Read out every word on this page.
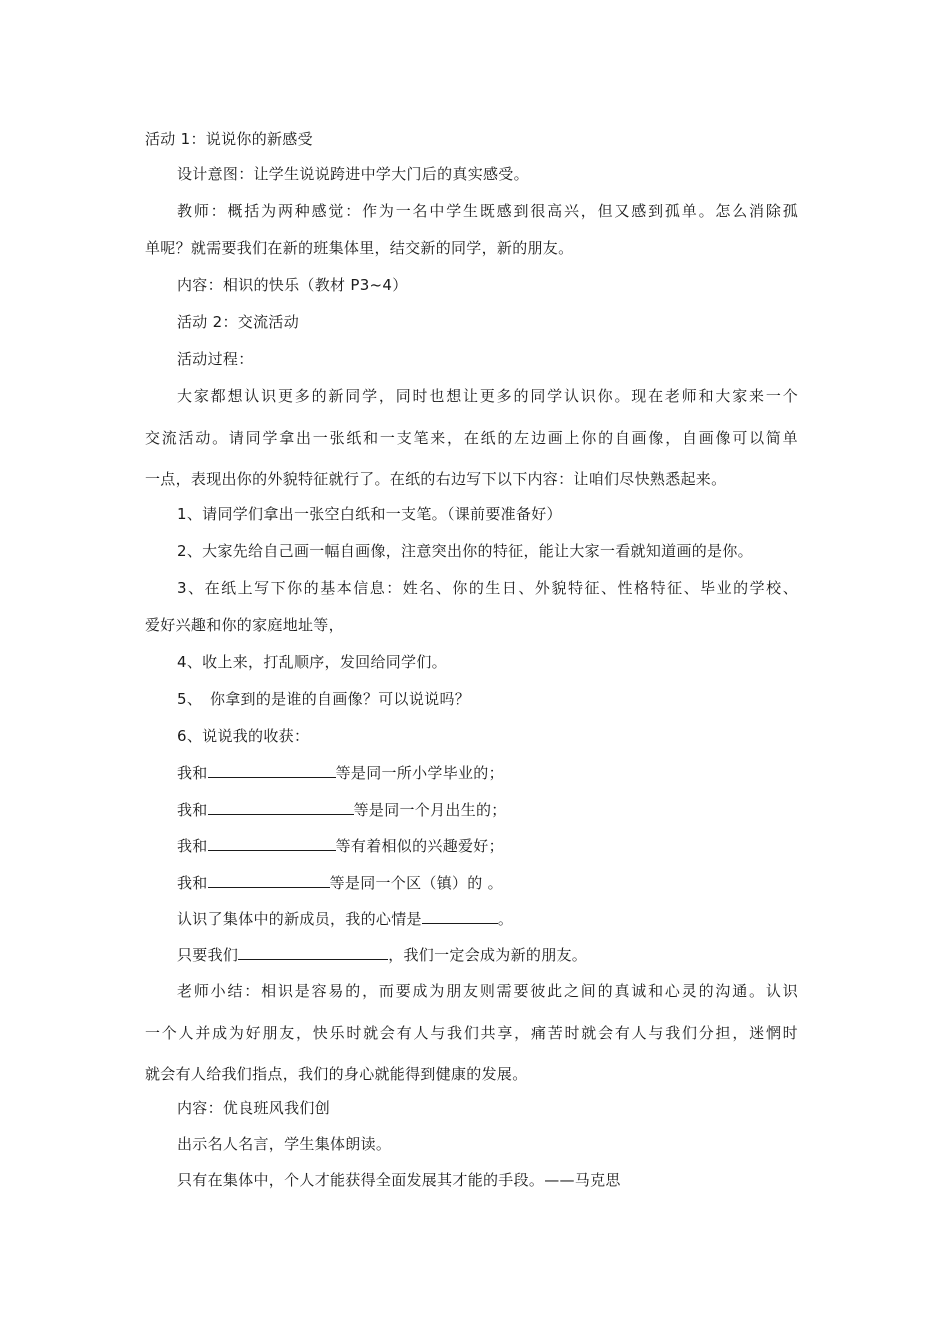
活动 1：说说你的新感受
设计意图：让学生说说跨进中学大门后的真实感受。
教师：概括为两种感觉：作为一名中学生既感到很高兴，但又感到孤单。怎么消除孤
单呢？就需要我们在新的班集体里，结交新的同学，新的朋友。
内容：相识的快乐（教材 P3~4）
活动 2：交流活动
活动过程：
大家都想认识更多的新同学，同时也想让更多的同学认识你。现在老师和大家来一个
交流活动。请同学拿出一张纸和一支笔来，在纸的左边画上你的自画像，自画像可以简单
一点，表现出你的外貌特征就行了。在纸的右边写下以下内容：让咱们尽快熟悉起来。
1、请同学们拿出一张空白纸和一支笔。（课前要准备好）
2、大家先给自己画一幅自画像，注意突出你的特征，能让大家一看就知道画的是你。
3、在纸上写下你的基本信息：姓名、你的生日、外貌特征、性格特征、毕业的学校、
爱好兴趣和你的家庭地址等，
4、收上来，打乱顺序，发回给同学们。
5、　你拿到的是谁的自画像？可以说说吗？
6、说说我的收获：
我和	等是同一所小学毕业的；
我和	等是同一个月出生的；
我和	等有着相似的兴趣爱好；
我和	等是同一个区（镇）的 。
认识了集体中的新成员，我的心情是	。
只要我们	，我们一定会成为新的朋友。
老师小结：相识是容易的，而要成为朋友则需要彼此之间的真诚和心灵的沟通。认识
一个人并成为好朋友，快乐时就会有人与我们共享，痛苦时就会有人与我们分担，迷惘时
就会有人给我们指点，我们的身心就能得到健康的发展。
内容：优良班风我们创
出示名人名言，学生集体朗读。
只有在集体中，个人才能获得全面发展其才能的手段。——马克思
